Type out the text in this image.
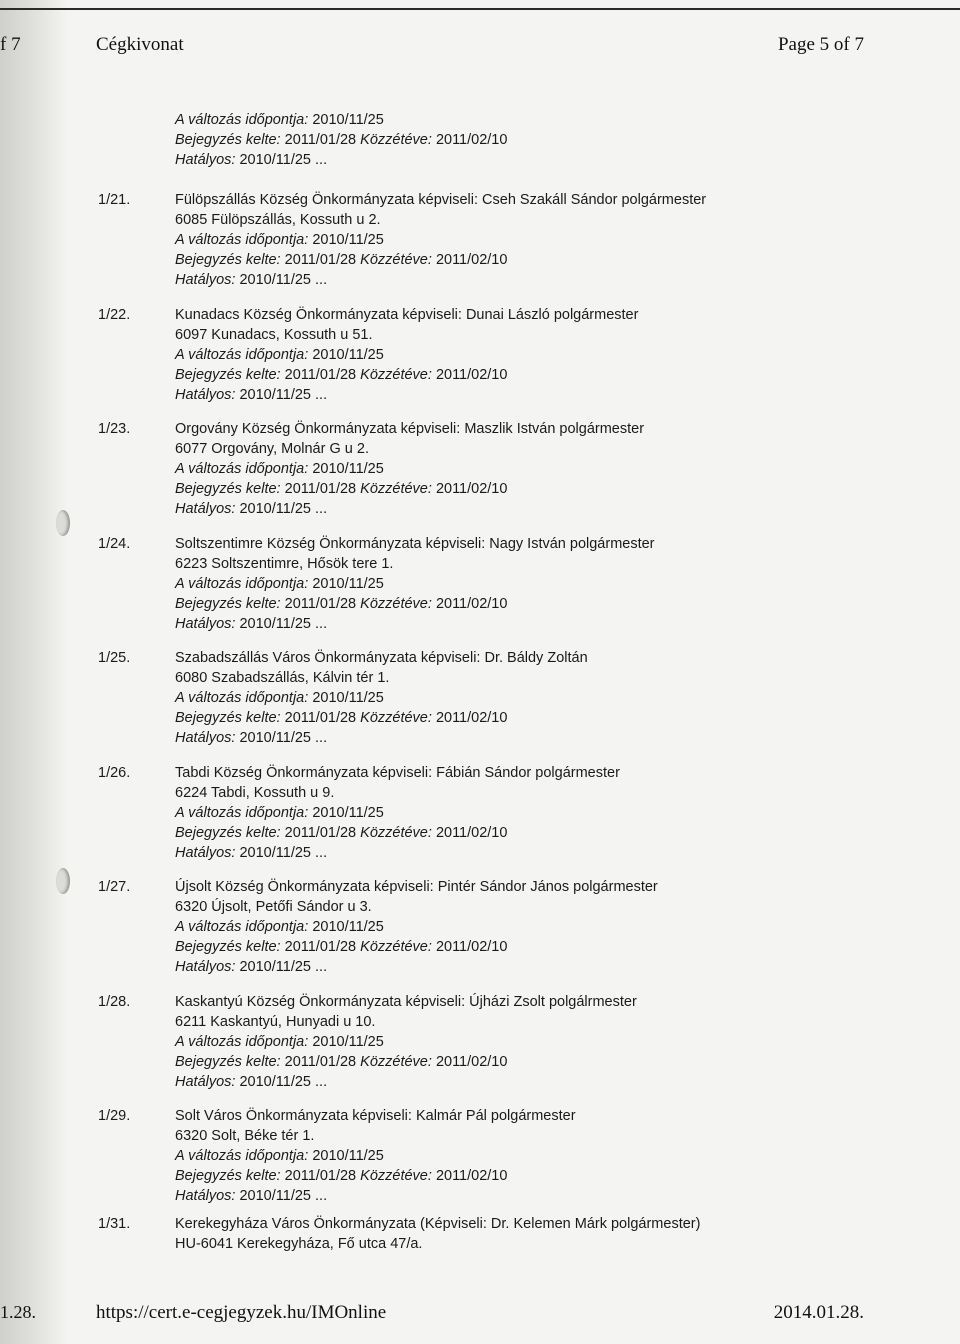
f 7
1.28.
Cégkivonat	Page 5 of 7
A változás időpontja: 2010/11/25
Bejegyzés kelte: 2011/01/28 Közzétéve: 2011/02/10
Hatályos: 2010/11/25 ...
1/21.	Fülöpszállás Község Önkormányzata képviseli: Cseh Szakáll Sándor polgármester
6085 Fülöpszállás, Kossuth u 2.
A változás időpontja: 2010/11/25
Bejegyzés kelte: 2011/01/28 Közzétéve: 2011/02/10
Hatályos: 2010/11/25 ...
1/22.	Kunadacs Község Önkormányzata képviseli: Dunai László polgármester
6097 Kunadacs, Kossuth u 51.
A változás időpontja: 2010/11/25
Bejegyzés kelte: 2011/01/28 Közzétéve: 2011/02/10
Hatályos: 2010/11/25 ...
1/23.	Orgovány Község Önkormányzata képviseli: Maszlik István polgármester
6077 Orgovány, Molnár G u 2.
A változás időpontja: 2010/11/25
Bejegyzés kelte: 2011/01/28 Közzétéve: 2011/02/10
Hatályos: 2010/11/25 ...
1/24.	Soltszentimre Község Önkormányzata képviseli: Nagy István polgármester
6223 Soltszentimre, Hősök tere 1.
A változás időpontja: 2010/11/25
Bejegyzés kelte: 2011/01/28 Közzétéve: 2011/02/10
Hatályos: 2010/11/25 ...
1/25.	Szabadszállás Város Önkormányzata képviseli: Dr. Báldy Zoltán
6080 Szabadszállás, Kálvin tér 1.
A változás időpontja: 2010/11/25
Bejegyzés kelte: 2011/01/28 Közzétéve: 2011/02/10
Hatályos: 2010/11/25 ...
1/26.	Tabdi Község Önkormányzata képviseli: Fábián Sándor polgármester
6224 Tabdi, Kossuth u 9.
A változás időpontja: 2010/11/25
Bejegyzés kelte: 2011/01/28 Közzétéve: 2011/02/10
Hatályos: 2010/11/25 ...
1/27.	Újsolt Község Önkormányzata képviseli: Pintér Sándor János polgármester
6320 Újsolt, Petőfi Sándor u 3.
A változás időpontja: 2010/11/25
Bejegyzés kelte: 2011/01/28 Közzétéve: 2011/02/10
Hatályos: 2010/11/25 ...
1/28.	Kaskantyú Község Önkormányzata képviseli: Újházi Zsolt polgálrmester
6211 Kaskantyú, Hunyadi u 10.
A változás időpontja: 2010/11/25
Bejegyzés kelte: 2011/01/28 Közzétéve: 2011/02/10
Hatályos: 2010/11/25 ...
1/29.	Solt Város Önkormányzata képviseli: Kalmár Pál polgármester
6320 Solt, Béke tér 1.
A változás időpontja: 2010/11/25
Bejegyzés kelte: 2011/01/28 Közzétéve: 2011/02/10
Hatályos: 2010/11/25 ...
1/31.	Kerekegyháza Város Önkormányzata (Képviseli: Dr. Kelemen Márk polgármester)
HU-6041 Kerekegyháza, Fő utca 47/a.
https://cert.e-cegjegyzek.hu/IMOnline	2014.01.28.
